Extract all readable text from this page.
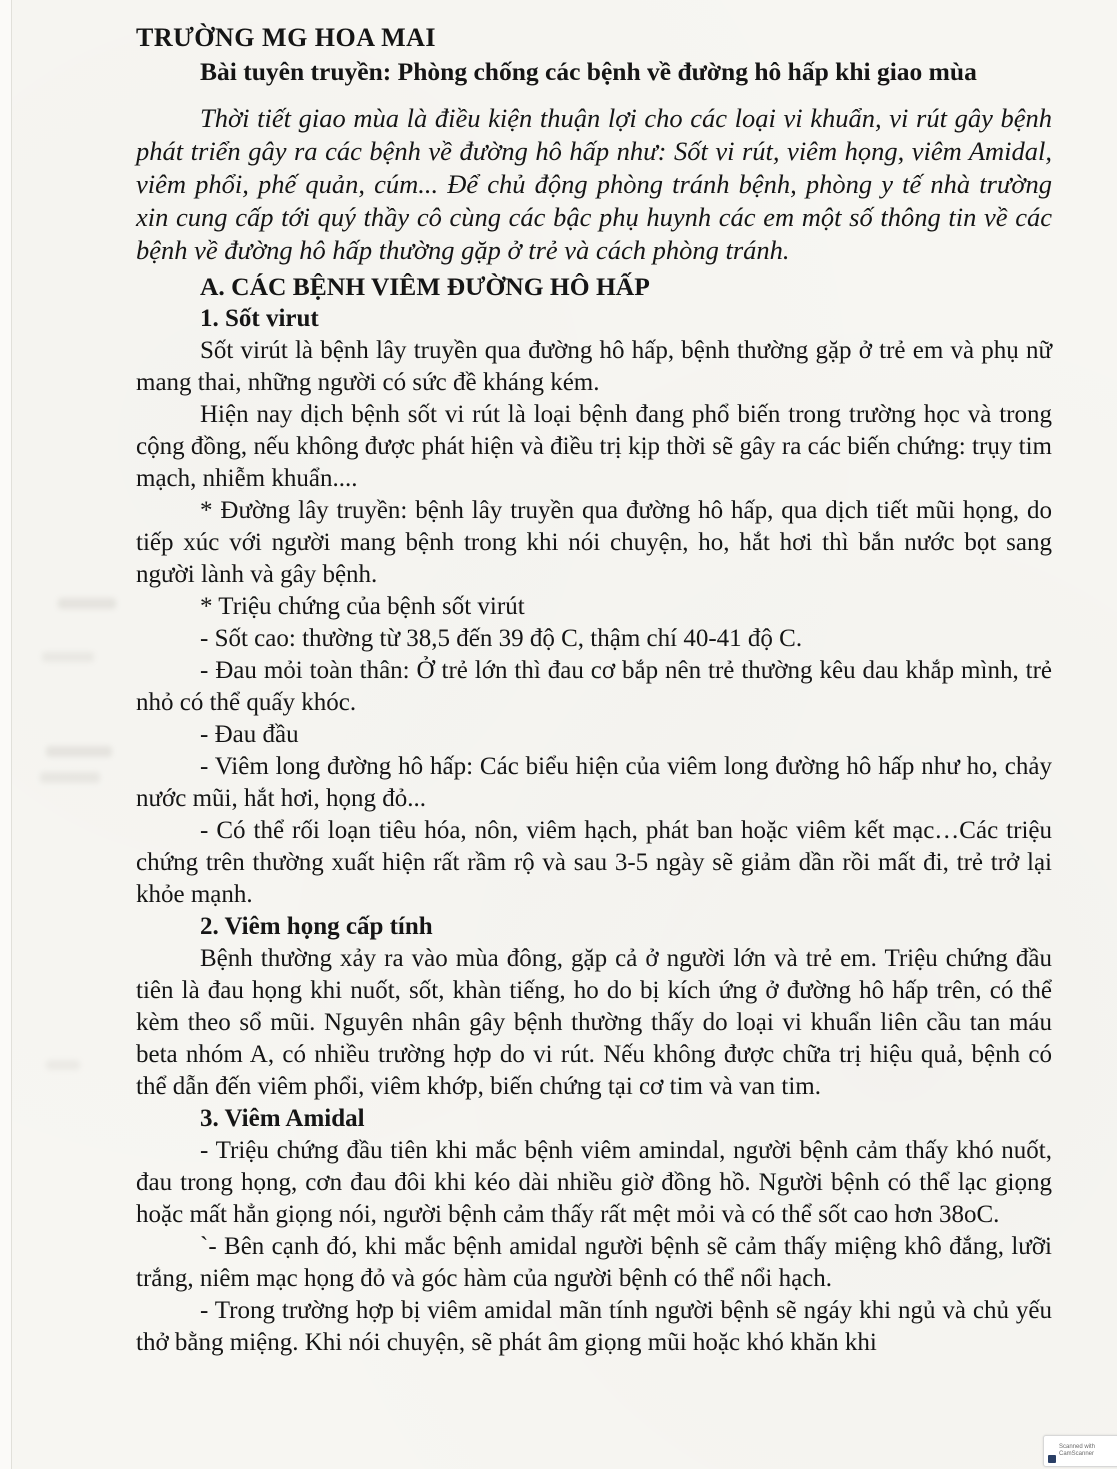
TRƯỜNG MG HOA MAI

Bài tuyên truyền: Phòng chống các bệnh về đường hô hấp khi giao mùa

Thời tiết giao mùa là điều kiện thuận lợi cho các loại vi khuẩn, vi rút gây bệnh phát triển gây ra các bệnh về đường hô hấp như: Sốt vi rút, viêm họng, viêm Amidal, viêm phổi, phế quản, cúm... Để chủ động phòng tránh bệnh, phòng y tế nhà trường xin cung cấp tới quý thầy cô cùng các bậc phụ huynh các em một số thông tin về các bệnh về đường hô hấp thường gặp ở trẻ và cách phòng tránh.

A. CÁC BỆNH VIÊM ĐƯỜNG HÔ HẤP

1. Sốt virut

Sốt virút là bệnh lây truyền qua đường hô hấp, bệnh thường gặp ở trẻ em và phụ nữ mang thai, những người có sức đề kháng kém.

Hiện nay dịch bệnh sốt vi rút là loại bệnh đang phổ biến trong trường học và trong cộng đồng, nếu không được phát hiện và điều trị kịp thời sẽ gây ra các biến chứng: trụy tim mạch, nhiễm khuẩn....

* Đường lây truyền: bệnh lây truyền qua đường hô hấp, qua dịch tiết mũi họng, do tiếp xúc với người mang bệnh trong khi nói chuyện, ho, hắt hơi thì bắn nước bọt sang người lành và gây bệnh.

* Triệu chứng của bệnh sốt virút

- Sốt cao: thường từ 38,5 đến 39 độ C, thậm chí 40-41 độ C.

- Đau mỏi toàn thân: Ở trẻ lớn thì đau cơ bắp nên trẻ thường kêu dau khắp mình, trẻ nhỏ có thể quấy khóc.

- Đau đầu

- Viêm long đường hô hấp: Các biểu hiện của viêm long đường hô hấp như ho, chảy nước mũi, hắt hơi, họng đỏ...

- Có thể rối loạn tiêu hóa, nôn, viêm hạch, phát ban hoặc viêm kết mạc…Các triệu chứng trên thường xuất hiện rất rầm rộ và sau 3-5 ngày sẽ giảm dần rồi mất đi, trẻ trở lại khỏe mạnh.

2. Viêm họng cấp tính

Bệnh thường xảy ra vào mùa đông, gặp cả ở người lớn và trẻ em. Triệu chứng đầu tiên là đau họng khi nuốt, sốt, khàn tiếng, ho do bị kích ứng ở đường hô hấp trên, có thể kèm theo sổ mũi. Nguyên nhân gây bệnh thường thấy do loại vi khuẩn liên cầu tan máu beta nhóm A, có nhiều trường hợp do vi rút. Nếu không được chữa trị hiệu quả, bệnh có thể dẫn đến viêm phổi, viêm khớp, biến chứng tại cơ tim và van tim.

3. Viêm Amidal

- Triệu chứng đầu tiên khi mắc bệnh viêm amindal, người bệnh cảm thấy khó nuốt, đau trong họng, cơn đau đôi khi kéo dài nhiều giờ đồng hồ. Người bệnh có thể lạc giọng hoặc mất hẳn giọng nói, người bệnh cảm thấy rất mệt mỏi và có thể sốt cao hơn 38oC.

`- Bên cạnh đó, khi mắc bệnh amidal người bệnh sẽ cảm thấy miệng khô đắng, lưỡi trắng, niêm mạc họng đỏ và góc hàm của người bệnh có thể nổi hạch.

- Trong trường hợp bị viêm amidal mãn tính người bệnh sẽ ngáy khi ngủ và chủ yếu thở bằng miệng. Khi nói chuyện, sẽ phát âm giọng mũi hoặc khó khăn khi

Scanned with CamScanner
